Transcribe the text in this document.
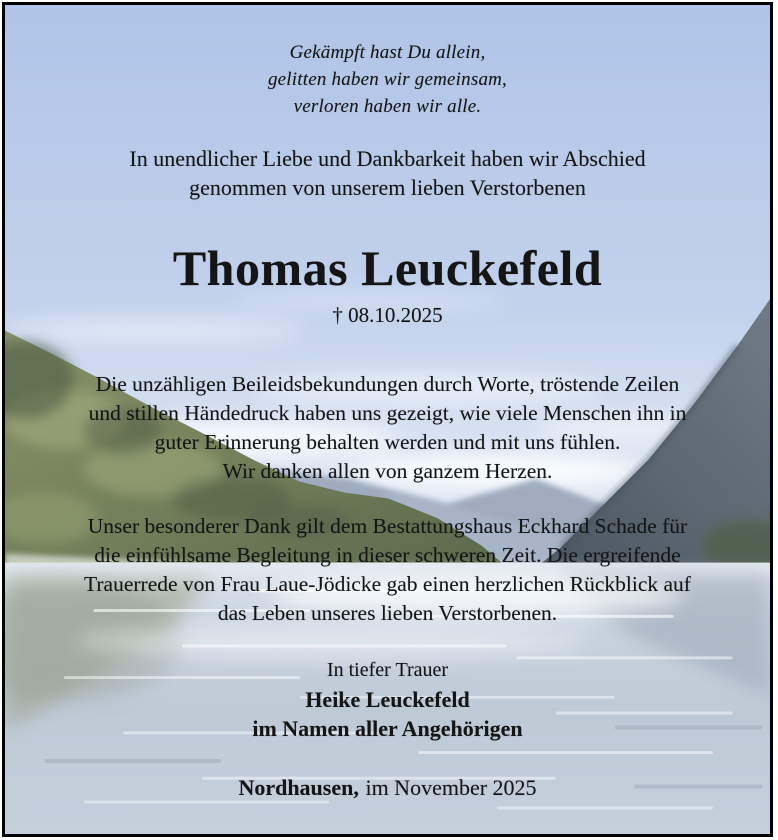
Gekämpft hast Du allein,
gelitten haben wir gemeinsam,
verloren haben wir alle.
In unendlicher Liebe und Dankbarkeit haben wir Abschied
genommen von unserem lieben Verstorbenen
Thomas Leuckefeld
† 08.10.2025
Die unzähligen Beileidsbekundungen durch Worte, tröstende Zeilen
und stillen Händedruck haben uns gezeigt, wie viele Menschen ihn in
guter Erinnerung behalten werden und mit uns fühlen.
Wir danken allen von ganzem Herzen.
Unser besonderer Dank gilt dem Bestattungshaus Eckhard Schade für
die einfühlsame Begleitung in dieser schweren Zeit. Die ergreifende
Trauerrede von Frau Laue-Jödicke gab einen herzlichen Rückblick auf
das Leben unseres lieben Verstorbenen.
In tiefer Trauer
Heike Leuckefeld
im Namen aller Angehörigen
Nordhausen, im November 2025
